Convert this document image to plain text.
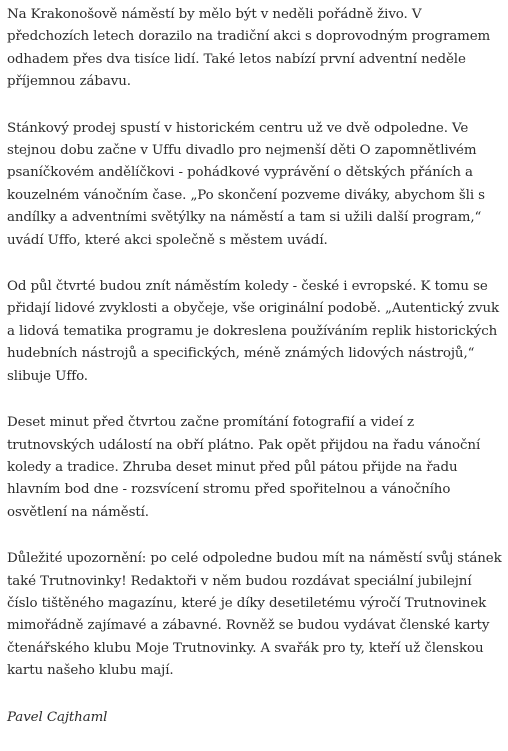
Na Krakonošově náměstí by mělo být v neděli pořádně živo. V předchozích letech dorazilo na tradiční akci s doprovodným programem odhadem přes dva tisíce lidí. Také letos nabízí první adventní neděle příjemnou zábavu.

Stánkový prodej spustí v historickém centru už ve dvě odpoledne. Ve stejnou dobu začne v Uffu divadlo pro nejmenší děti O zapomnětlivém psaníčkovém andělíčkovi - pohádkové vyprávění o dětských přáních a kouzelném vánočním čase. „Po skončení pozveme diváky, abychom šli s andílky a adventními světýlky na náměstí a tam si užili další program,“ uvádí Uffo, které akci společně s městem uvádí.

Od půl čtvrté budou znít náměstím koledy - české i evropské. K tomu se přidají lidové zvyklosti a obyčeje, vše originální podobě. „Autentický zvuk a lidová tematika programu je dokreslena používáním replik historických hudebních nástrojů a specifických, méně známých lidových nástrojů,“ slibuje Uffo.

Deset minut před čtvrtou začne promítání fotografií a videí z trutnovských událostí na obří plátno. Pak opět přijdou na řadu vánoční koledy a tradice. Zhruba deset minut před půl pátou přijde na řadu hlavním bod dne - rozsvícení stromu před spořitelnou a vánočního osvětlení na náměstí.

Důležité upozornění: po celé odpoledne budou mít na náměstí svůj stánek také Trutnovinky! Redaktoři v něm budou rozdávat speciální jubilejní číslo tištěného magazínu, které je díky desetiletému výročí Trutnovinek mimořádně zajímavé a zábavné. Rovněž se budou vydávat členské karty čtenářského klubu Moje Trutnovinky. A svařák pro ty, kteří už členskou kartu našeho klubu mají.

Pavel Cajthaml
